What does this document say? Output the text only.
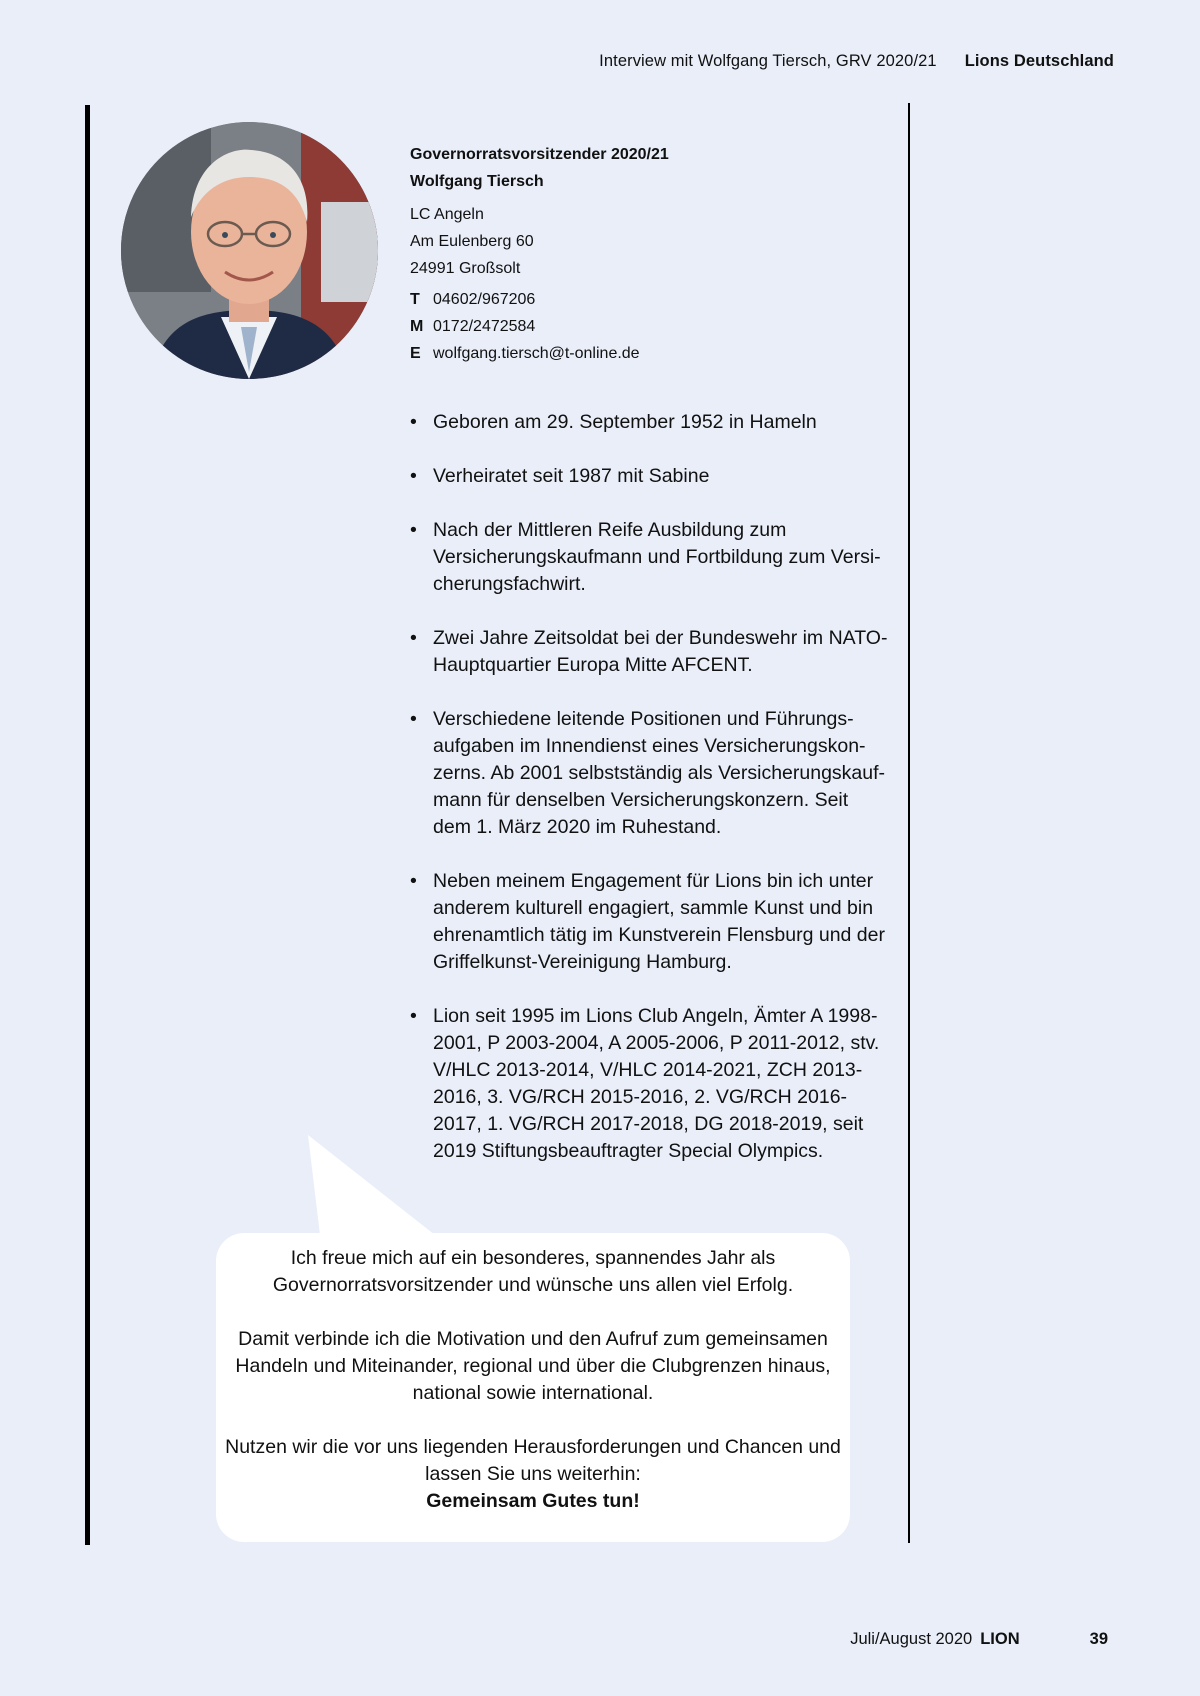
Interview mit Wolfgang Tiersch, GRV 2020/21 Lions Deutschland
Governorratsvorsitzender 2020/21
Wolfgang Tiersch
LC Angeln
Am Eulenberg 60
24991 Großsolt
T 04602/967206
M 0172/2472584
E wolfgang.tiersch@t-online.de
• Geboren am 29. September 1952 in Hameln
• Verheiratet seit 1987 mit Sabine
• Nach der Mittleren Reife Ausbildung zum Versicherungskaufmann und Fortbildung zum Versicherungsfachwirt.
• Zwei Jahre Zeitsoldat bei der Bundeswehr im NATO-Hauptquartier Europa Mitte AFCENT.
• Verschiedene leitende Positionen und Führungsaufgaben im Innendienst eines Versicherungskonzerns. Ab 2001 selbstständig als Versicherungskaufmann für denselben Versicherungskonzern. Seit dem 1. März 2020 im Ruhestand.
• Neben meinem Engagement für Lions bin ich unter anderem kulturell engagiert, sammle Kunst und bin ehrenamtlich tätig im Kunstverein Flensburg und der Griffelkunst-Vereinigung Hamburg.
• Lion seit 1995 im Lions Club Angeln, Ämter A 1998-2001, P 2003-2004, A 2005-2006, P 2011-2012, stv. V/HLC 2013-2014, V/HLC 2014-2021, ZCH 2013-2016, 3. VG/RCH 2015-2016, 2. VG/RCH 2016-2017, 1. VG/RCH 2017-2018, DG 2018-2019, seit 2019 Stiftungsbeauftragter Special Olympics.

Ich freue mich auf ein besonderes, spannendes Jahr als Governorratsvorsitzender und wünsche uns allen viel Erfolg.

Damit verbinde ich die Motivation und den Aufruf zum gemeinsamen Handeln und Miteinander, regional und über die Clubgrenzen hinaus, national sowie international.

Nutzen wir die vor uns liegenden Herausforderungen und Chancen und lassen Sie uns weiterhin:
Gemeinsam Gutes tun!

Juli/August 2020 LION	39
